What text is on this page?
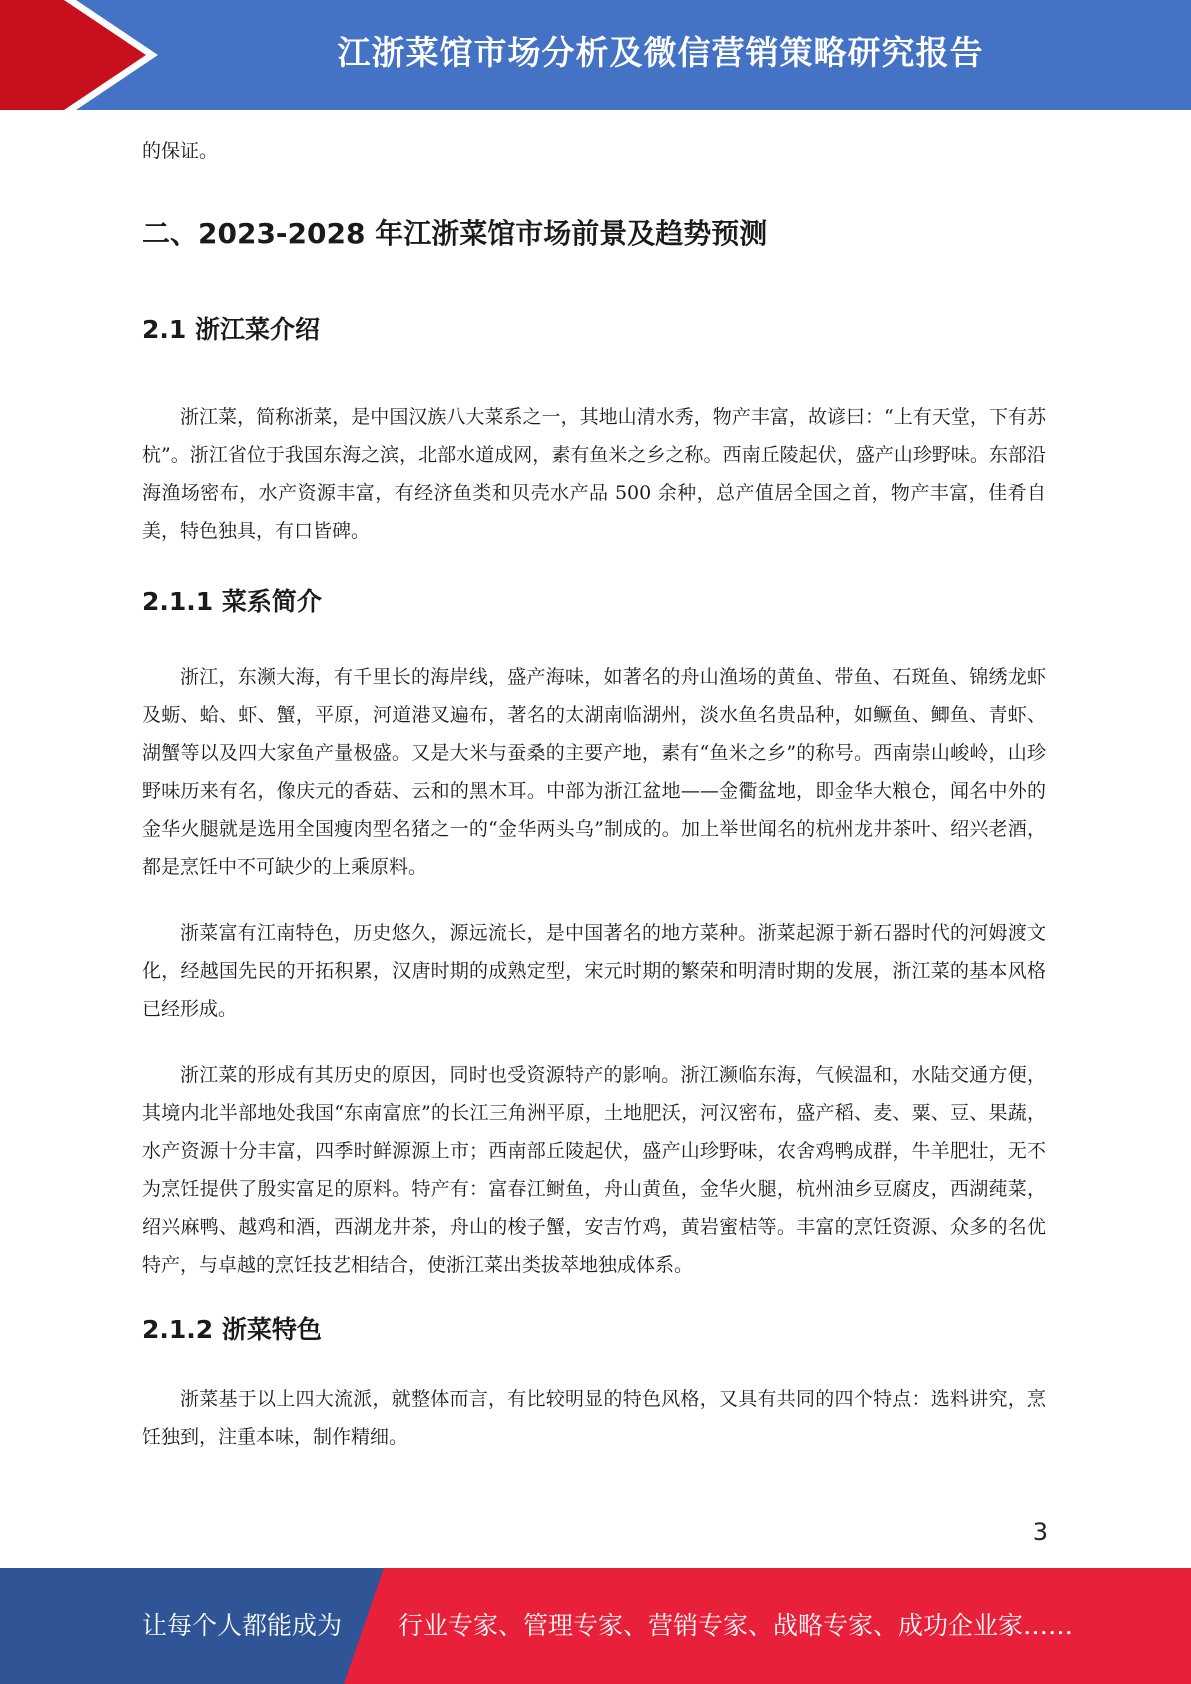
江浙菜馆市场分析及微信营销策略研究报告

的保证。

二、2023-2028 年江浙菜馆市场前景及趋势预测
2.1 浙江菜介绍

浙江菜，简称浙菜，是中国汉族八大菜系之一，其地山清水秀，物产丰富，故谚曰：“上有天堂，下有苏杭”。浙江省位于我国东海之滨，北部水道成网，素有鱼米之乡之称。西南丘陵起伏，盛产山珍野味。东部沿海渔场密布，水产资源丰富，有经济鱼类和贝壳水产品 500 余种，总产值居全国之首，物产丰富，佳肴自美，特色独具，有口皆碑。

2.1.1 菜系简介

浙江，东濒大海，有千里长的海岸线，盛产海味，如著名的舟山渔场的黄鱼、带鱼、石斑鱼、锦绣龙虾及蛎、蛤、虾、蟹，平原，河道港叉遍布，著名的太湖南临湖州，淡水鱼名贵品种，如鳜鱼、鲫鱼、青虾、湖蟹等以及四大家鱼产量极盛。又是大米与蚕桑的主要产地，素有“鱼米之乡”的称号。西南崇山峻岭，山珍野味历来有名，像庆元的香菇、云和的黑木耳。中部为浙江盆地——金衢盆地，即金华大粮仓，闻名中外的金华火腿就是选用全国瘦肉型名猪之一的“金华两头乌”制成的。加上举世闻名的杭州龙井茶叶、绍兴老酒，都是烹饪中不可缺少的上乘原料。

浙菜富有江南特色，历史悠久，源远流长，是中国著名的地方菜种。浙菜起源于新石器时代的河姆渡文化，经越国先民的开拓积累，汉唐时期的成熟定型，宋元时期的繁荣和明清时期的发展，浙江菜的基本风格已经形成。

浙江菜的形成有其历史的原因，同时也受资源特产的影响。浙江濒临东海，气候温和，水陆交通方便，其境内北半部地处我国“东南富庶”的长江三角洲平原，土地肥沃，河汉密布，盛产稻、麦、粟、豆、果蔬，水产资源十分丰富，四季时鲜源源上市；西南部丘陵起伏，盛产山珍野味，农舍鸡鸭成群，牛羊肥壮，无不为烹饪提供了殷实富足的原料。特产有：富春江鲥鱼，舟山黄鱼，金华火腿，杭州油乡豆腐皮，西湖莼菜，绍兴麻鸭、越鸡和酒，西湖龙井茶，舟山的梭子蟹，安吉竹鸡，黄岩蜜桔等。丰富的烹饪资源、众多的名优特产，与卓越的烹饪技艺相结合，使浙江菜出类拔萃地独成体系。

2.1.2 浙菜特色

浙菜基于以上四大流派，就整体而言，有比较明显的特色风格，又具有共同的四个特点：选料讲究，烹饪独到，注重本味，制作精细。

3
让每个人都能成为 行业专家、管理专家、营销专家、战略专家、成功企业家……
